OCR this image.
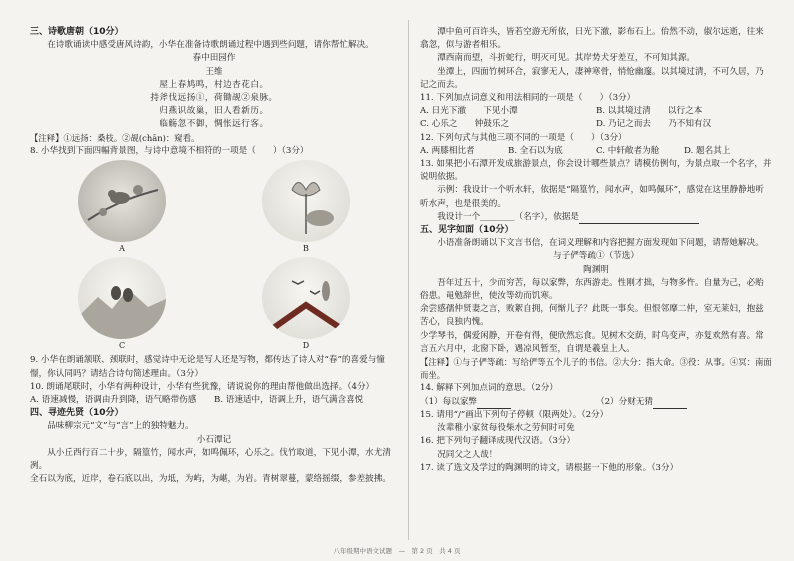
三、诗歌唐朝（10分）

在诗歌诵读中感受唐风诗韵，小华在准备诗歌朗诵过程中遇到些问题，请你帮忙解决。

春中田园作

王维

屋上春鸠鸣，村边杏花白。

持斧伐远扬①，荷锄觇②泉脉。

归燕识故巢，旧人看新历。

临觞忽不御，惆怅远行客。

【注释】①远扬：桑枝。②觇(chān)：窥看。

8. 小华找到下面四幅背景图，与诗中意境不相符的一项是（　　）（3分）

A	B
C	D

9. 小华在朗诵颔联、颈联时，感觉诗中无论是写人还是写物，都传达了诗人对“春”的喜爱与憧憬，你认同吗？请结合诗句简述理由。（3分）

10. 朗诵尾联时，小华有两种设计，小华有些犹豫，请说说你的理由帮他做出选择。（4分）

A. 语速减慢，语调由升到降，语气略带伤感	B. 语速适中，语调上升，语气满含喜悦

四、寻迹先贤（10分）

品味柳宗元“文”与“言”上的独特魅力。

小石潭记

从小丘西行百二十步，隔篁竹，闻水声，如鸣佩环，心乐之。伐竹取道，下见小潭，水尤清冽。

全石以为底，近岸，卷石底以出，为坻，为屿，为嵁，为岩。青树翠蔓，蒙络摇缀，参差披拂。

潭中鱼可百许头，皆若空游无所依，日光下澈，影布石上。佁然不动，俶尔远逝，往来翕忽，似与游者相乐。

潭西南而望，斗折蛇行，明灭可见。其岸势犬牙差互，不可知其源。

坐潭上，四面竹树环合，寂寥无人，凄神寒骨，悄怆幽邃。以其境过清，不可久居，乃记之而去。

11. 下列加点词意义和用法相同的一项是（　　）（3分）

A. 日光下澈　　下见小潭	B. 以其境过清　　以行之本
C. 心乐之　　钟鼓乐之	D. 乃记之而去　　乃不知有汉

12. 下列句式与其他三项不同的一项是（　　）（3分）

A. 两膝相比者	B. 全石以为底	C. 中轩敞者为舱	D. 题名其上

13. 如果把小石潭开发成旅游景点，你会设计哪些景点？请模仿例句，为景点取一个名字，并说明依据。

示例：我设计一个听水轩，依据是“隔篁竹，闻水声，如鸣佩环”，感觉在这里静静地听听水声，也是很美的。

我设计一个________（名字），依据是

五、见字如面（10分）

小语准备朗诵以下文言书信，在词义理解和内容把握方面发现如下问题，请帮她解决。

与子俨等疏①（节选）

陶渊明

吾年过五十，少而穷苦，每以家弊，东西游走。性刚才拙，与物多忤。自量为己，必贻俗患。黾勉辞世，使汝等幼而饥寒。

余尝感孺仲贤妻之言，败絮自拥，何惭儿子？此既一事矣。但恨邻靡二仲，室无莱妇，抱兹苦心，良独内愧。

少学琴书，偶爱闲静，开卷有得，便欣然忘食。见树木交荫，时鸟变声，亦复欢然有喜。常言五六月中，北窗下卧，遇凉风暂至，自谓是羲皇上人。

【注释】①与子俨等疏：写给俨等五个儿子的书信。②大分：指大命。③役：从事。④冥：南面而坐。

14. 解释下列加点词的意思。（2分）

（1）每以家弊	（2）分财无猜

15. 请用“/”画出下列句子停顿（限两处）。（2分）

汝辈稚小家贫每役柴水之劳何时可免

16. 把下列句子翻译成现代汉语。（3分）

况同父之人哉！

17. 读了选文及学过的陶渊明的诗文，请根据一下他的形象。（3分）

八年级期中语文试题　—　第 2 页　共 4 页
